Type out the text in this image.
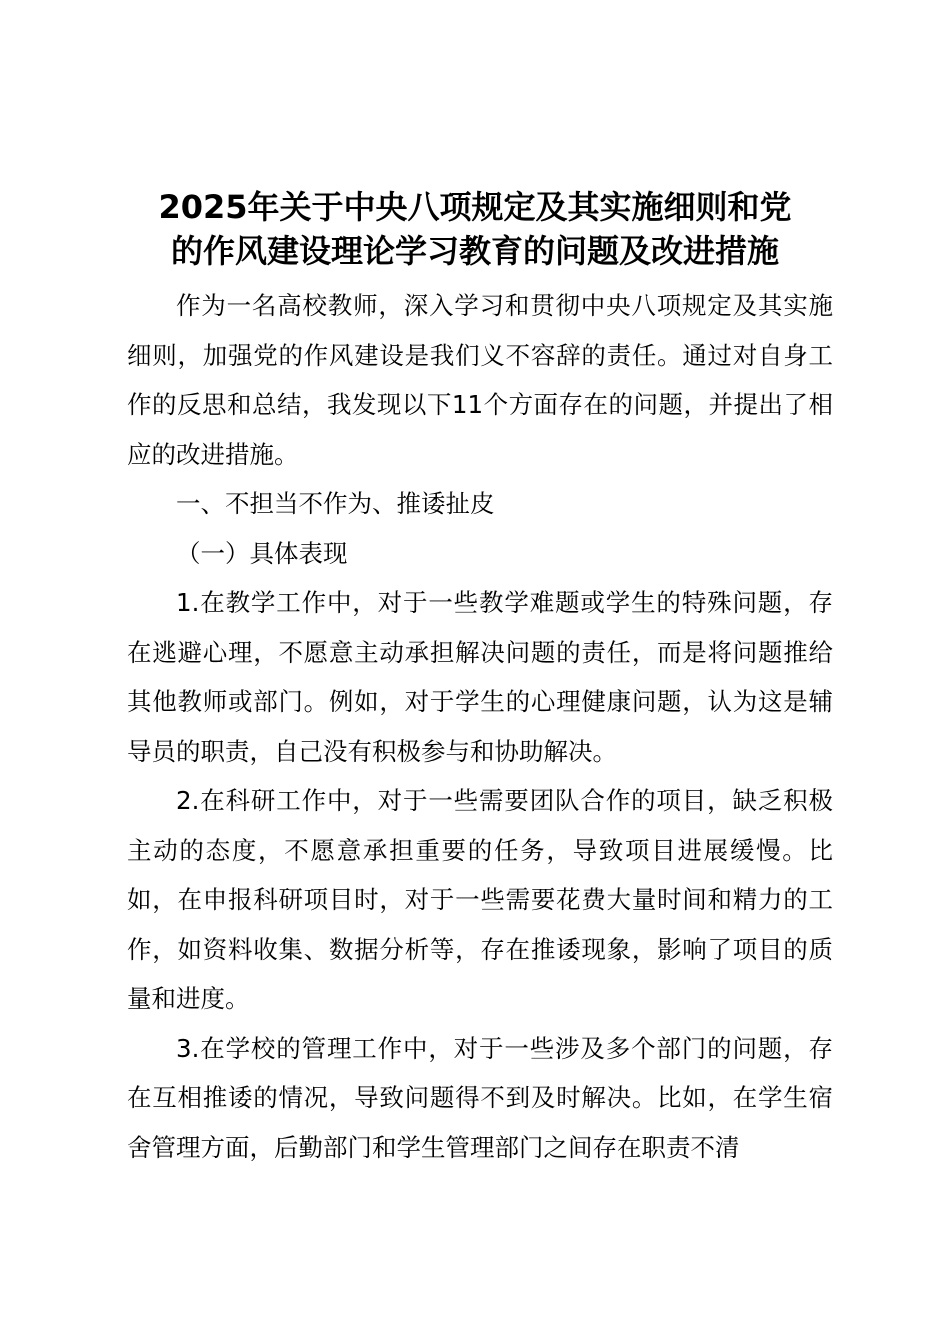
2025年关于中央八项规定及其实施细则和党
的作风建设理论学习教育的问题及改进措施

作为一名高校教师，深入学习和贯彻中央八项规定及其实施细则，加强党的作风建设是我们义不容辞的责任。通过对自身工作的反思和总结，我发现以下11个方面存在的问题，并提出了相应的改进措施。

一、不担当不作为、推诿扯皮

（一）具体表现

1.在教学工作中，对于一些教学难题或学生的特殊问题，存在逃避心理，不愿意主动承担解决问题的责任，而是将问题推给其他教师或部门。例如，对于学生的心理健康问题，认为这是辅导员的职责，自己没有积极参与和协助解决。

2.在科研工作中，对于一些需要团队合作的项目，缺乏积极主动的态度，不愿意承担重要的任务，导致项目进展缓慢。比如，在申报科研项目时，对于一些需要花费大量时间和精力的工作，如资料收集、数据分析等，存在推诿现象，影响了项目的质量和进度。

3.在学校的管理工作中，对于一些涉及多个部门的问题，存在互相推诿的情况，导致问题得不到及时解决。比如，在学生宿舍管理方面，后勤部门和学生管理部门之间存在职责不清
